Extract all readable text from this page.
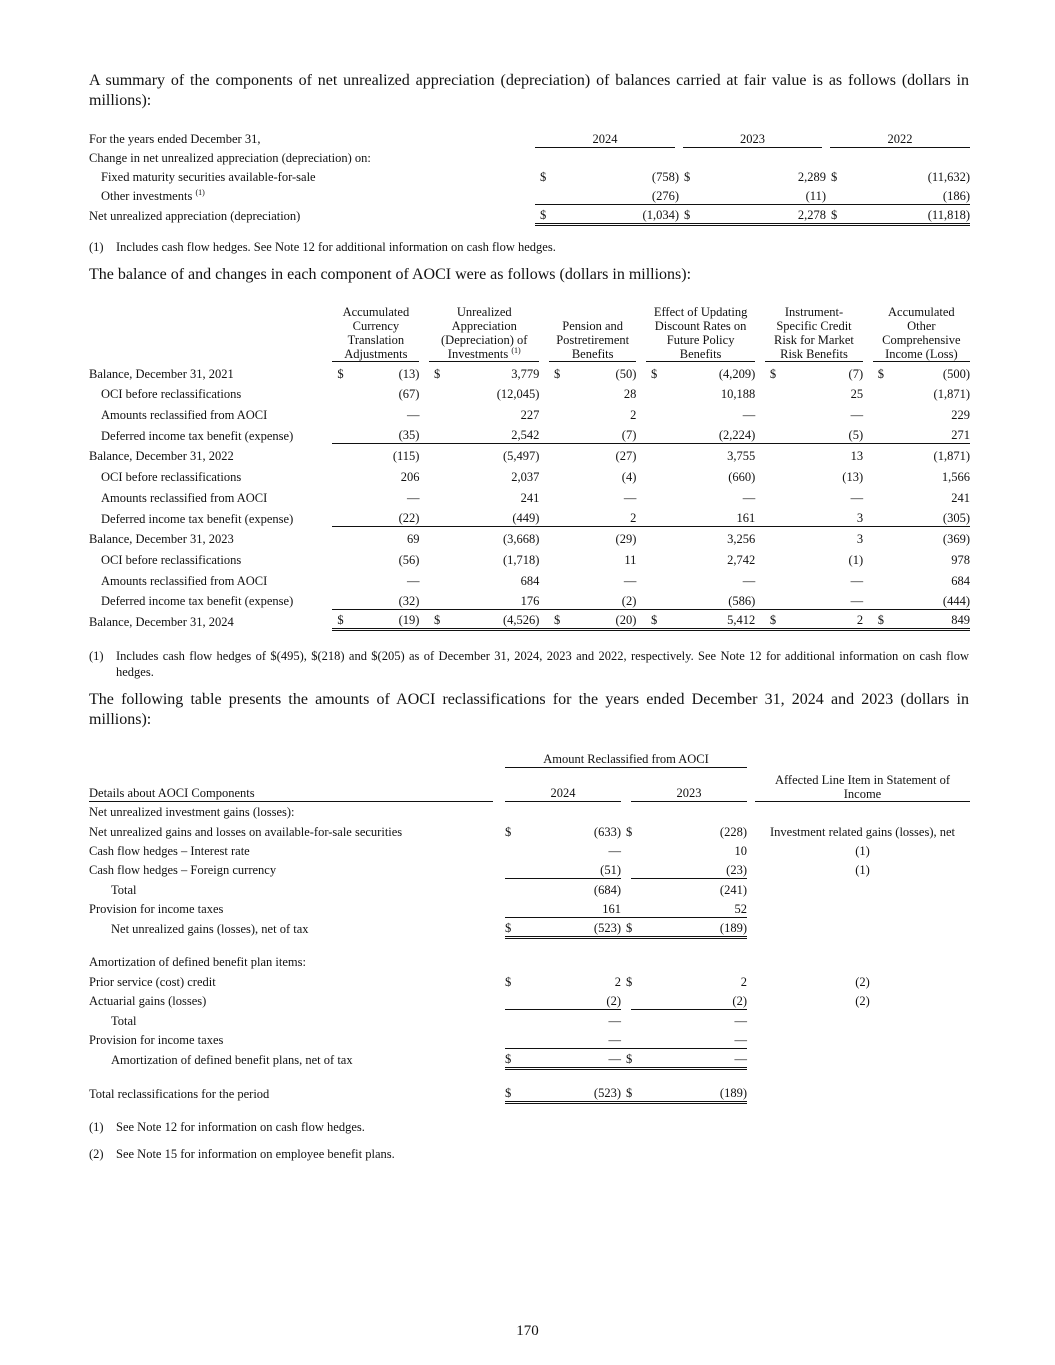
A summary of the components of net unrealized appreciation (depreciation) of balances carried at fair value is as follows (dollars in millions):

For the years ended December 31,	2024		2023		2022
Change in net unrealized appreciation (depreciation) on:					
Fixed maturity securities available-for-sale	$	(758)	$	2,289	$ (11,632)
Other investments $^{(1)}$		(276)		(11)	(186)
Net unrealized appreciation (depreciation)	$	(1,034)	$	2,278	$ (11,818)
(1) Includes cash flow hedges. See Note 12 for additional information on cash flow hedges.

The balance of and changes in each component of AOCI were as follows (dollars in millions):

	Accumulated Currency Translation Adjustments		Unrealized Appreciation (Depreciation) of Investments $^{(1)}$		Pension and Postretirement Benefits		Effect of Updating Discount Rates on Future Policy Benefits		Instrument-Specific Credit Risk for Market Risk Benefits		Accumulated Other Comprehensive Income (Loss)
Balance, December 31, 2021	$ (13)		$ 3,779		$ (50)		$ (4,209)		$ (7)		$ (500)
OCI before reclassifications	(67)		(12,045)		28		10,188		25		(1,871)
Amounts reclassified from AOCI	—		227		2		—		—		229
Deferred income tax benefit (expense)	(35)		2,542		(7)		(2,224)		(5)		271
Balance, December 31, 2022	(115)		(5,497)		(27)		3,755		13		(1,871)
OCI before reclassifications	206		2,037		(4)		(660)		(13)		1,566
Amounts reclassified from AOCI	—		241		—		—		—		241
Deferred income tax benefit (expense)	(22)		(449)		2		161		3		(305)
Balance, December 31, 2023	69		(3,668)		(29)		3,256		3		(369)
OCI before reclassifications	(56)		(1,718)		11		2,742		(1)		978
Amounts reclassified from AOCI	—		684		—		—		—		684
Deferred income tax benefit (expense)	(32)		176		(2)		(586)		—		(444)
Balance, December 31, 2024	$ (19)		$ (4,526)		$ (20)		$ 5,412		$ 2		$ 849
(1) Includes cash flow hedges of $(495), $(218) and $(205) as of December 31, 2024, 2023 and 2022, respectively. See Note 12 for additional information on cash flow hedges.

The following table presents the amounts of AOCI reclassifications for the years ended December 31, 2024 and 2023 (dollars in millions):

		Amount Reclassified from AOCI				
Details about AOCI Components		2024		2023		Affected Line Item in Statement of Income
Net unrealized investment gains (losses):						
Net unrealized gains and losses on available-for-sale securities		$ (633)		$ (228)		Investment related gains (losses), net
Cash flow hedges – Interest rate		—		10		(1)
Cash flow hedges – Foreign currency		(51)		(23)		(1)
Total		(684)		(241)		
Provision for income taxes		161		52		
Net unrealized gains (losses), net of tax		$ (523)		$ (189)		

Amortization of defined benefit plan items:						
Prior service (cost) credit		$ 2		$ 2		(2)
Actuarial gains (losses)		(2)		(2)		(2)
Total		—		—		
Provision for income taxes		—		—		
Amortization of defined benefit plans, net of tax		$ —		$ —		

Total reclassifications for the period		$ (523)		$ (189)		
(1) See Note 12 for information on cash flow hedges.
(2) See Note 15 for information on employee benefit plans.
170
